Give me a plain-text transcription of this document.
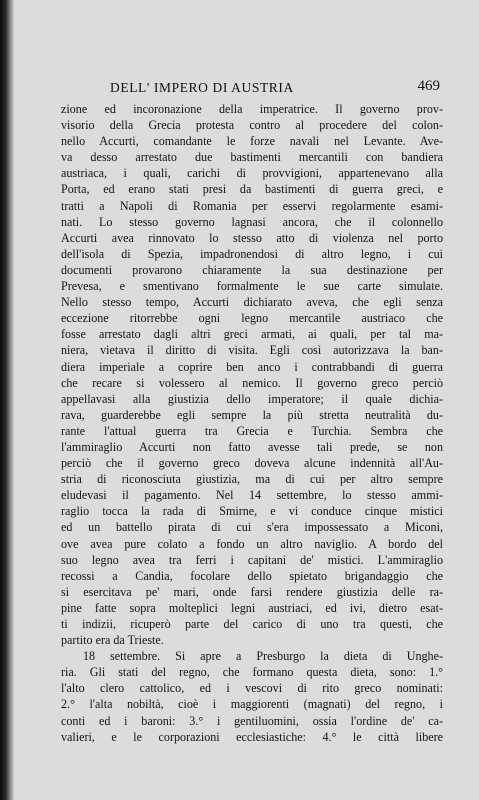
DELL' IMPERO DI AUSTRIA	469
zione ed incoronazione della imperatrice. Il governo prov-
visorio della Grecia protesta contro al procedere del colon-
nello Accurti, comandante le forze navali nel Levante. Ave-
va desso arrestato due bastimenti mercantili con bandiera
austriaca, i quali, carichi di provvigioni, appartenevano alla
Porta, ed erano stati presi da bastimenti di guerra greci, e
tratti a Napoli di Romania per esservi regolarmente esami-
nati. Lo stesso governo lagnasi ancora, che il colonnello
Accurti avea rinnovato lo stesso atto di violenza nel porto
dell'isola di Spezia, impadronendosi di altro legno, i cui
documenti provarono chiaramente la sua destinazione per
Prevesa, e smentivano formalmente le sue carte simulate.
Nello stesso tempo, Accurti dichiarato aveva, che egli senza
eccezione ritorrebbe ogni legno mercantile austriaco che
fosse arrestato dagli altri greci armati, ai quali, per tal ma-
niera, vietava il diritto di visita. Egli così autorizzava la ban-
diera imperiale a coprire ben anco i contrabbandi di guerra
che recare si volessero al nemico. Il governo greco perciò
appellavasi alla giustizia dello imperatore; il quale dichia-
rava, guarderebbe egli sempre la più stretta neutralità du-
rante l'attual guerra tra Grecia e Turchia. Sembra che
l'ammiraglio Accurti non fatto avesse tali prede, se non
perciò che il governo greco doveva alcune indennità all'Au-
stria di riconosciuta giustizia, ma di cui per altro sempre
eludevasi il pagamento. Nel 14 settembre, lo stesso ammi-
raglio tocca la rada di Smirne, e vi conduce cinque mistici
ed un battello pirata di cui s'era impossessato a Miconi,
ove avea pure colato a fondo un altro naviglio. A bordo del
suo legno avea tra ferri i capitani de' mistici. L'ammiraglio
recossi a Candia, focolare dello spietato brigandaggio che
si esercitava pe' mari, onde farsi rendere giustizia delle ra-
pine fatte sopra molteplici legni austriaci, ed ivi, dietro esat-
ti indizii, ricuperò parte del carico di uno tra questi, che
partito era da Trieste.
18 settembre. Si apre a Presburgo la dieta di Unghe-
ria. Gli stati del regno, che formano questa dieta, sono: 1.°
l'alto clero cattolico, ed i vescovi di rito greco nominati:
2.° l'alta nobiltà, cioè i maggiorenti (magnati) del regno, i
conti ed i baroni: 3.° i gentiluomini, ossia l'ordine de' ca-
valieri, e le corporazioni ecclesiastiche: 4.° le città libere
